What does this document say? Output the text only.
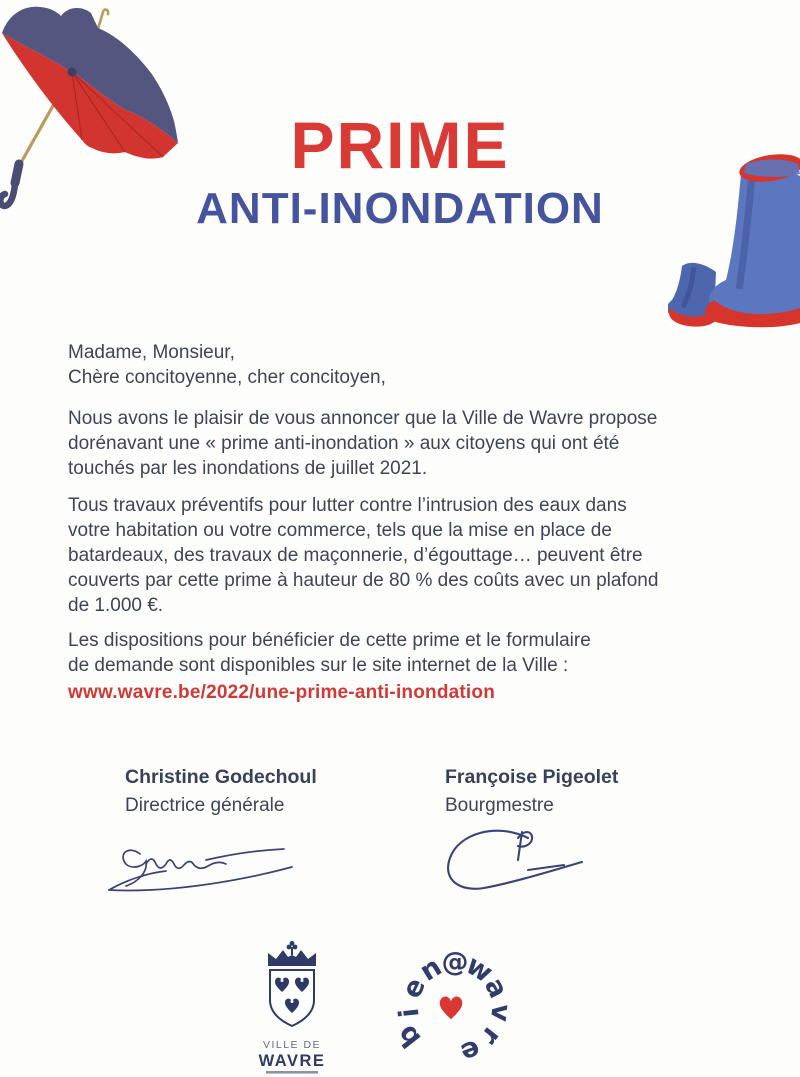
PRIME
ANTI-INONDATION

Madame, Monsieur,
Chère concitoyenne, cher concitoyen,

Nous avons le plaisir de vous annoncer que la Ville de Wavre propose
dorénavant une « prime anti-inondation » aux citoyens qui ont été
touchés par les inondations de juillet 2021.

Tous travaux préventifs pour lutter contre l’intrusion des eaux dans
votre habitation ou votre commerce, tels que la mise en place de
batardeaux, des travaux de maçonnerie, d’égouttage… peuvent être
couverts par cette prime à hauteur de 80 % des coûts avec un plafond
de 1.000 €.

Les dispositions pour bénéficier de cette prime et le formulaire
de demande sont disponibles sur le site internet de la Ville :

www.wavre.be/2022/une-prime-anti-inondation
Christine Godechoul
Directrice générale
Françoise Pigeolet
Bourgmestre
VILLE DE
WAVRE
b
i
e
n
@
w
a
v
r
e
